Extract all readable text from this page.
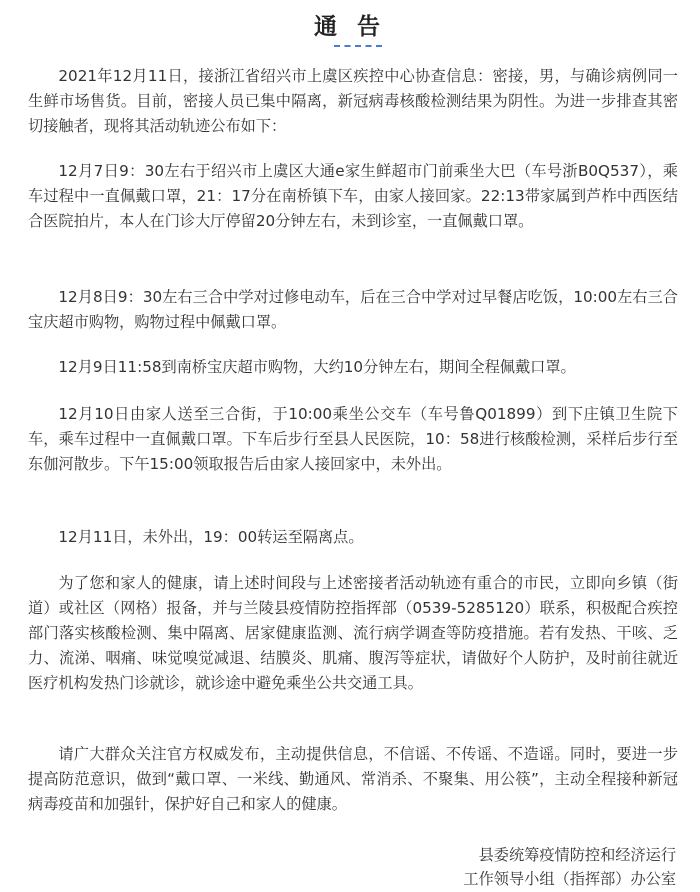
通 告

2021年12月11日，接浙江省绍兴市上虞区疾控中心协查信息：密接，男，与确诊病例同一生鲜市场售货。目前，密接人员已集中隔离，新冠病毒核酸检测结果为阴性。为进一步排查其密切接触者，现将其活动轨迹公布如下：

12月7日9：30左右于绍兴市上虞区大通e家生鲜超市门前乘坐大巴（车号浙B0Q537），乘车过程中一直佩戴口罩，21：17分在南桥镇下车，由家人接回家。22:13带家属到芦柞中西医结合医院拍片，本人在门诊大厅停留20分钟左右，未到诊室，一直佩戴口罩。

12月8日9：30左右三合中学对过修电动车，后在三合中学对过早餐店吃饭，10:00左右三合宝庆超市购物，购物过程中佩戴口罩。

12月9日11:58到南桥宝庆超市购物，大约10分钟左右，期间全程佩戴口罩。

12月10日由家人送至三合街，于10:00乘坐公交车（车号鲁Q01899）到下庄镇卫生院下车，乘车过程中一直佩戴口罩。下车后步行至县人民医院，10：58进行核酸检测，采样后步行至东伽河散步。下午15:00领取报告后由家人接回家中，未外出。

12月11日，未外出，19：00转运至隔离点。

为了您和家人的健康，请上述时间段与上述密接者活动轨迹有重合的市民，立即向乡镇（街道）或社区（网格）报备，并与兰陵县疫情防控指挥部（0539-5285120）联系，积极配合疾控部门落实核酸检测、集中隔离、居家健康监测、流行病学调查等防疫措施。若有发热、干咳、乏力、流涕、咽痛、味觉嗅觉减退、结膜炎、肌痛、腹泻等症状，请做好个人防护，及时前往就近医疗机构发热门诊就诊，就诊途中避免乘坐公共交通工具。

请广大群众关注官方权威发布，主动提供信息，不信谣、不传谣、不造谣。同时，要进一步提高防范意识，做到“戴口罩、一米线、勤通风、常消杀、不聚集、用公筷”，主动全程接种新冠病毒疫苗和加强针，保护好自己和家人的健康。

县委统筹疫情防控和经济运行

工作领导小组（指挥部）办公室
